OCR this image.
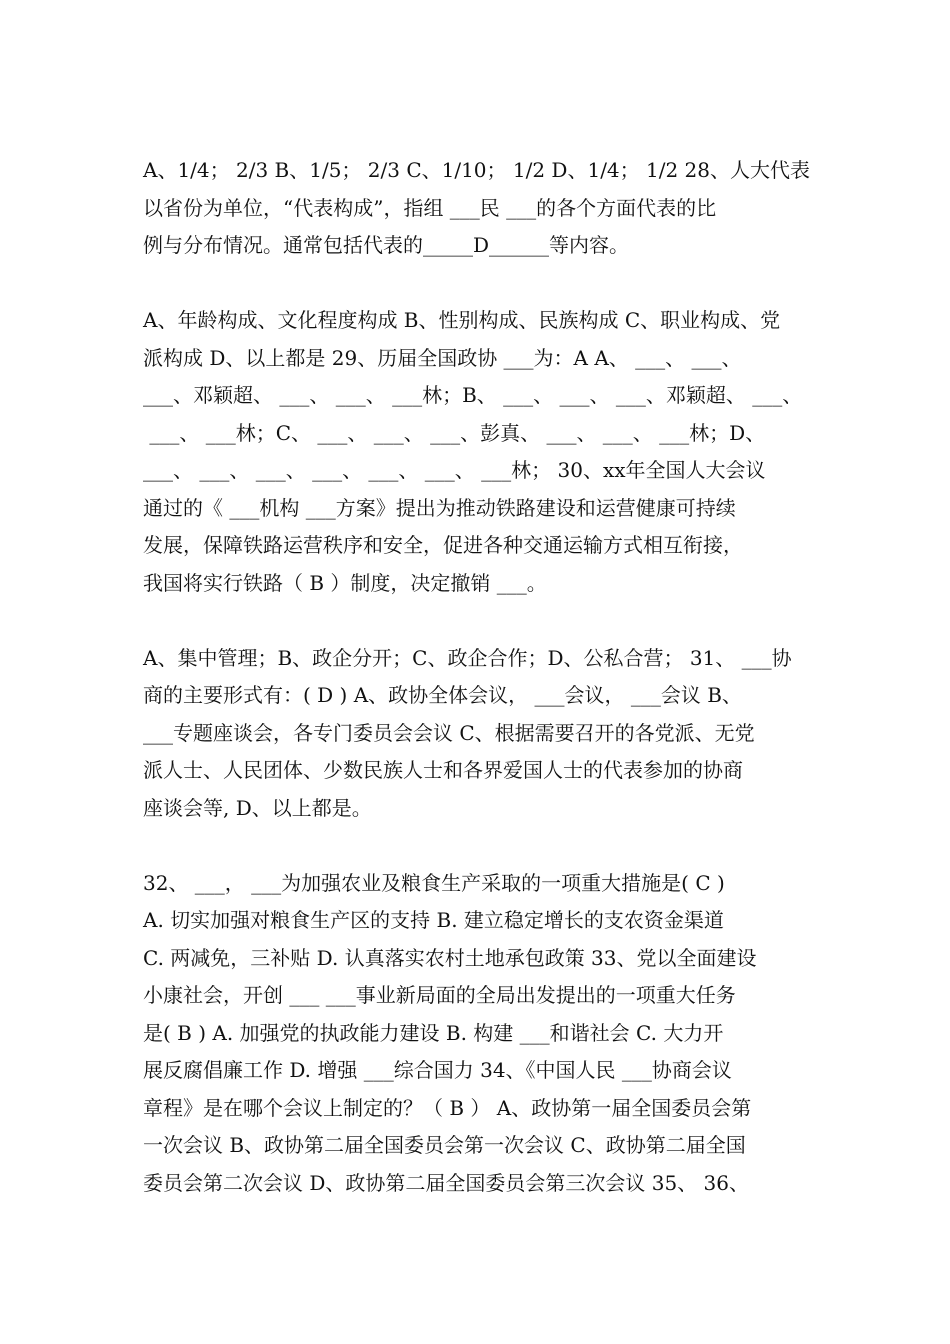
A、1/4； 2/3 B、1/5； 2/3 C、1/10； 1/2 D、1/4； 1/2 28、人大代表
以省份为单位，“代表构成”，指组 ___民 ___的各个方面代表的比
例与分布情况。通常包括代表的_____D______等内容。
A、年龄构成、文化程度构成 B、性别构成、民族构成 C、职业构成、党
派构成 D、以上都是 29、历届全国政协 ___为：A A、 ___、 ___、
___、邓颖超、 ___、 ___、 ___林；B、 ___、 ___、 ___、邓颖超、 ___、
___、 ___林；C、 ___、 ___、 ___、彭真、 ___、 ___、 ___林；D、
___、 ___、 ___、 ___、 ___、 ___、 ___林； 30、xx年全国人大会议
通过的《 ___机构 ___方案》提出为推动铁路建设和运营健康可持续
发展，保障铁路运营秩序和安全，促进各种交通运输方式相互衔接，
我国将实行铁路（ B ）制度，决定撤销 ___。
A、集中管理；B、政企分开；C、政企合作；D、公私合营； 31、 ___协
商的主要形式有：( D ) A、政协全体会议， ___会议， ___会议 B、
___专题座谈会，各专门委员会会议 C、根据需要召开的各党派、无党
派人士、人民团体、少数民族人士和各界爱国人士的代表参加的协商
座谈会等, D、以上都是。
32、 ___， ___为加强农业及粮食生产采取的一项重大措施是( C )
A. 切实加强对粮食生产区的支持 B. 建立稳定增长的支农资金渠道
C. 两减免，三补贴 D. 认真落实农村土地承包政策 33、党以全面建设
小康社会，开创 ___ ___事业新局面的全局出发提出的一项重大任务
是( B ) A. 加强党的执政能力建设 B. 构建 ___和谐社会 C. 大力开
展反腐倡廉工作 D. 增强 ___综合国力 34、《中国人民 ___协商会议
章程》是在哪个会议上制定的？（ B ） A、政协第一届全国委员会第
一次会议 B、政协第二届全国委员会第一次会议 C、政协第二届全国
委员会第二次会议 D、政协第二届全国委员会第三次会议 35、 36、
